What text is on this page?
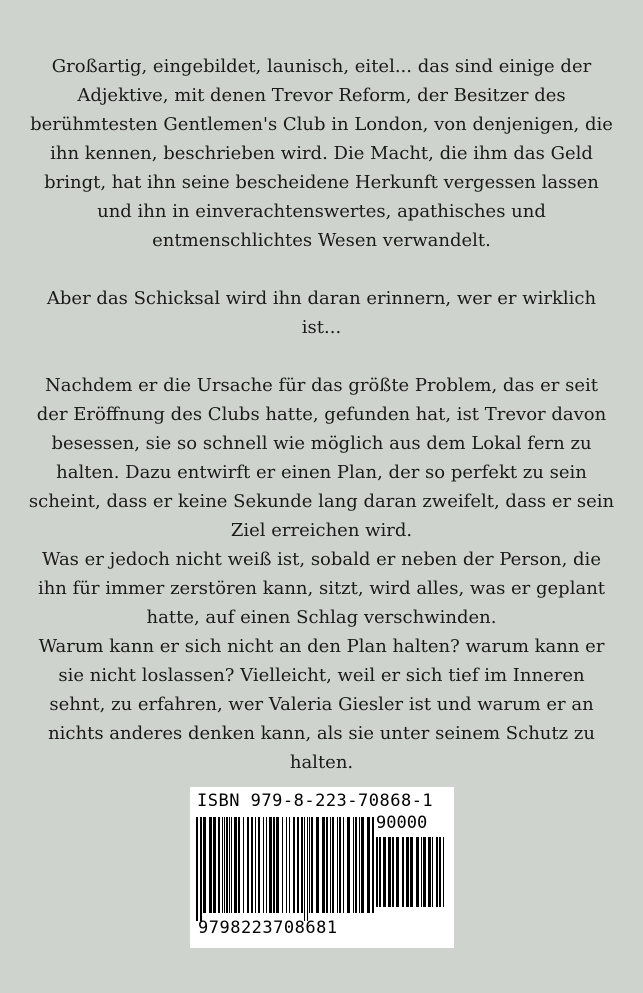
Großartig, eingebildet, launisch, eitel... das sind einige der Adjektive, mit denen Trevor Reform, der Besitzer des berühmtesten Gentlemen's Club in London, von denjenigen, die ihn kennen, beschrieben wird. Die Macht, die ihm das Geld bringt, hat ihn seine bescheidene Herkunft vergessen lassen und ihn in einverachtenswertes, apathisches und entmenschlichtes Wesen verwandelt.

Aber das Schicksal wird ihn daran erinnern, wer er wirklich ist...

Nachdem er die Ursache für das größte Problem, das er seit der Eröffnung des Clubs hatte, gefunden hat, ist Trevor davon besessen, sie so schnell wie möglich aus dem Lokal fern zu halten. Dazu entwirft er einen Plan, der so perfekt zu sein scheint, dass er keine Sekunde lang daran zweifelt, dass er sein Ziel erreichen wird.

Was er jedoch nicht weiß ist, sobald er neben der Person, die ihn für immer zerstören kann, sitzt, wird alles, was er geplant hatte, auf einen Schlag verschwinden.

Warum kann er sich nicht an den Plan halten? warum kann er sie nicht loslassen? Vielleicht, weil er sich tief im Inneren sehnt, zu erfahren, wer Valeria Giesler ist und warum er an nichts anderes denken kann, als sie unter seinem Schutz zu halten.

ISBN 979-8-223-70868-1
90000
9798223708681
